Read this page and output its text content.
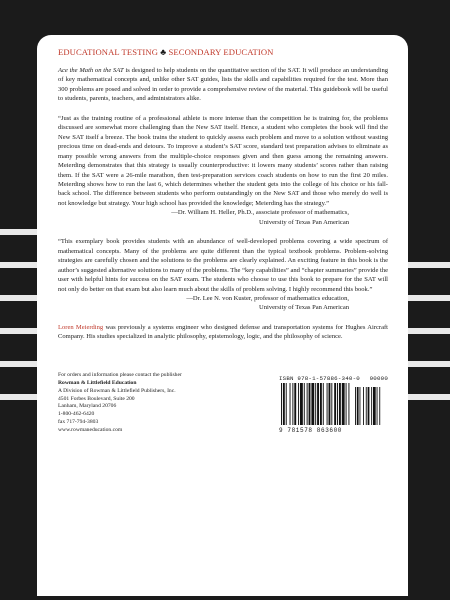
EDUCATIONAL TESTING ♣ SECONDARY EDUCATION

Ace the Math on the SAT is designed to help students on the quantitative section of the SAT. It will produce an understanding of key mathematical concepts and, unlike other SAT guides, lists the skills and capabilities required for the test. More than 300 problems are posed and solved in order to provide a comprehensive review of the material. This guidebook will be useful to students, parents, teachers, and administrators alike.

“Just as the training routine of a professional athlete is more intense than the competition he is training for, the problems discussed are somewhat more challenging than the New SAT itself. Hence, a student who completes the book will find the New SAT itself a breeze. The book trains the student to quickly assess each problem and move to a solution without wasting precious time on dead-ends and detours. To improve a student’s SAT score, standard test preparation advises to eliminate as many possible wrong answers from the multiple-choice responses given and then guess among the remaining answers. Meierding demonstrates that this strategy is usually counterproductive: it lowers many students’ scores rather than raising them. If the SAT were a 26-mile marathon, then test-preparation services coach students on how to run the first 20 miles. Meierding shows how to run the last 6, which determines whether the student gets into the college of his choice or his fall-back school. The difference between students who perform outstandingly on the New SAT and those who merely do well is not knowledge but strategy. Your high school has provided the knowledge; Meierding has the strategy.”

—Dr. William H. Heller, Ph.D., associate professor of mathematics,
University of Texas Pan American

“This exemplary book provides students with an abundance of well-developed problems covering a wide spectrum of mathematical concepts. Many of the problems are quite different than the typical textbook problems. Problem-solving strategies are carefully chosen and the solutions to the problems are clearly explained. An exciting feature in this book is the author’s suggested alternative solutions to many of the problems. The “key capabilities” and “chapter summaries” provide the user with helpful hints for success on the SAT exam. The students who choose to use this book to prepare for the SAT will not only do better on that exam but also learn much about the skills of problem solving. I highly recommend this book.”

—Dr. Lee N. von Kuster, professor of mathematics education,
University of Texas Pan American

Loren Meierding was previously a systems engineer who designed defense and transportation systems for Hughes Aircraft Company. His studies specialized in analytic philosophy, epistemology, logic, and the philosophy of science.

For orders and information please contact the publisher
Rowman & Littlefield Education
A Division of Rowman & Littlefield Publishers, Inc.
4501 Forbes Boulevard, Suite 200
Lanham, Maryland 20706
1-800-462-6420
fax 717-794-3803
www.rowmaneducation.com
ISBN 978-1-57886-340-0 90000
9 781578 863600
